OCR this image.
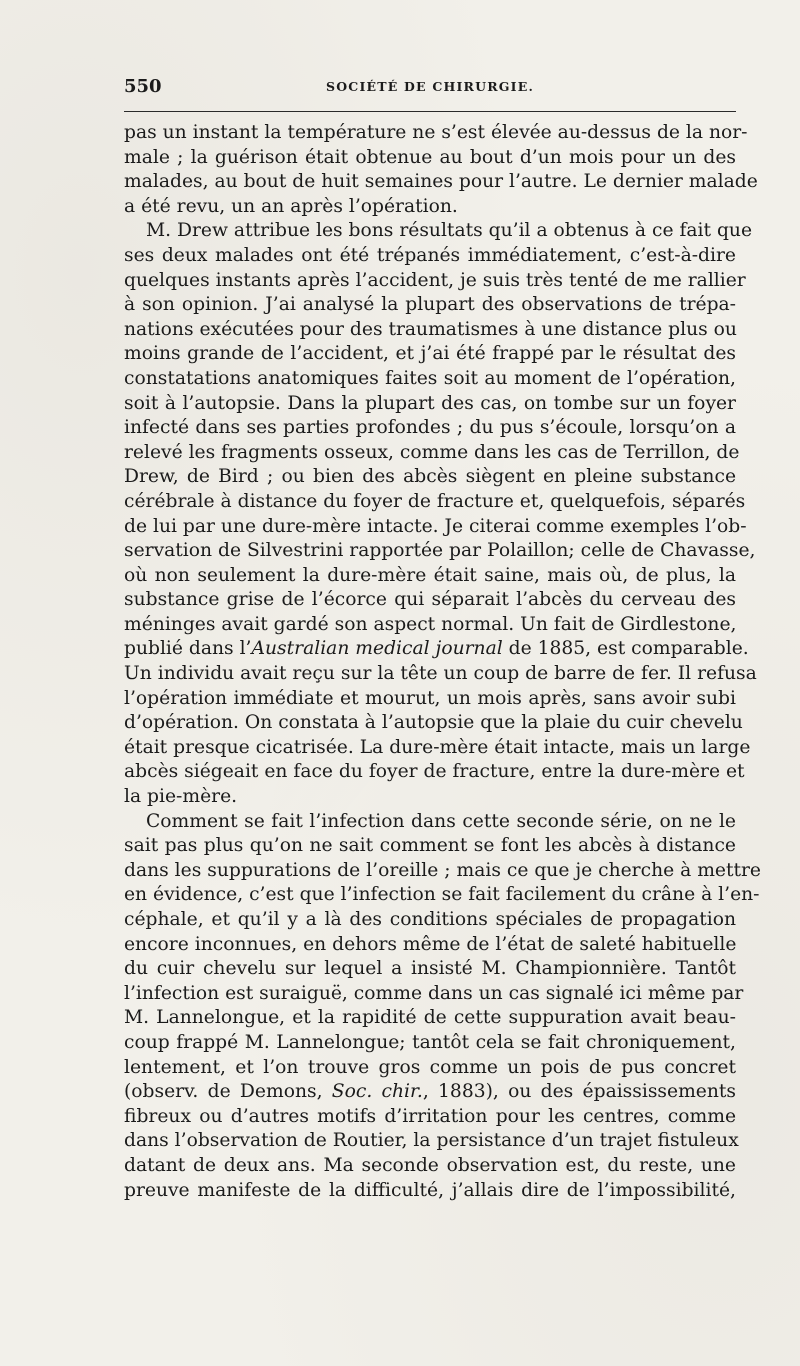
550	SOCIÉTÉ DE CHIRURGIE.
pas un instant la température ne s’est élevée au-dessus de la nor-
male ; la guérison était obtenue au bout d’un mois pour un des
malades, au bout de huit semaines pour l’autre. Le dernier malade
a été revu, un an après l’opération.
M. Drew attribue les bons résultats qu’il a obtenus à ce fait que
ses deux malades ont été trépanés immédiatement, c’est-à-dire
quelques instants après l’accident, je suis très tenté de me rallier
à son opinion. J’ai analysé la plupart des observations de trépa-
nations exécutées pour des traumatismes à une distance plus ou
moins grande de l’accident, et j’ai été frappé par le résultat des
constatations anatomiques faites soit au moment de l’opération,
soit à l’autopsie. Dans la plupart des cas, on tombe sur un foyer
infecté dans ses parties profondes ; du pus s’écoule, lorsqu’on a
relevé les fragments osseux, comme dans les cas de Terrillon, de
Drew, de Bird ; ou bien des abcès siègent en pleine substance
cérébrale à distance du foyer de fracture et, quelquefois, séparés
de lui par une dure-mère intacte. Je citerai comme exemples l’ob-
servation de Silvestrini rapportée par Polaillon; celle de Chavasse,
où non seulement la dure-mère était saine, mais où, de plus, la
substance grise de l’écorce qui séparait l’abcès du cerveau des
méninges avait gardé son aspect normal. Un fait de Girdlestone,
publié dans l’Australian medical journal de 1885, est comparable.
Un individu avait reçu sur la tête un coup de barre de fer. Il refusa
l’opération immédiate et mourut, un mois après, sans avoir subi
d’opération. On constata à l’autopsie que la plaie du cuir chevelu
était presque cicatrisée. La dure-mère était intacte, mais un large
abcès siégeait en face du foyer de fracture, entre la dure-mère et
la pie-mère.
Comment se fait l’infection dans cette seconde série, on ne le
sait pas plus qu’on ne sait comment se font les abcès à distance
dans les suppurations de l’oreille ; mais ce que je cherche à mettre
en évidence, c’est que l’infection se fait facilement du crâne à l’en-
céphale, et qu’il y a là des conditions spéciales de propagation
encore inconnues, en dehors même de l’état de saleté habituelle
du cuir chevelu sur lequel a insisté M. Championnière. Tantôt
l’infection est suraiguë, comme dans un cas signalé ici même par
M. Lannelongue, et la rapidité de cette suppuration avait beau-
coup frappé M. Lannelongue; tantôt cela se fait chroniquement,
lentement, et l’on trouve gros comme un pois de pus concret
(observ. de Demons, Soc. chir., 1883), ou des épaississements
fibreux ou d’autres motifs d’irritation pour les centres, comme
dans l’observation de Routier, la persistance d’un trajet fistuleux
datant de deux ans. Ma seconde observation est, du reste, une
preuve manifeste de la difficulté, j’allais dire de l’impossibilité,
